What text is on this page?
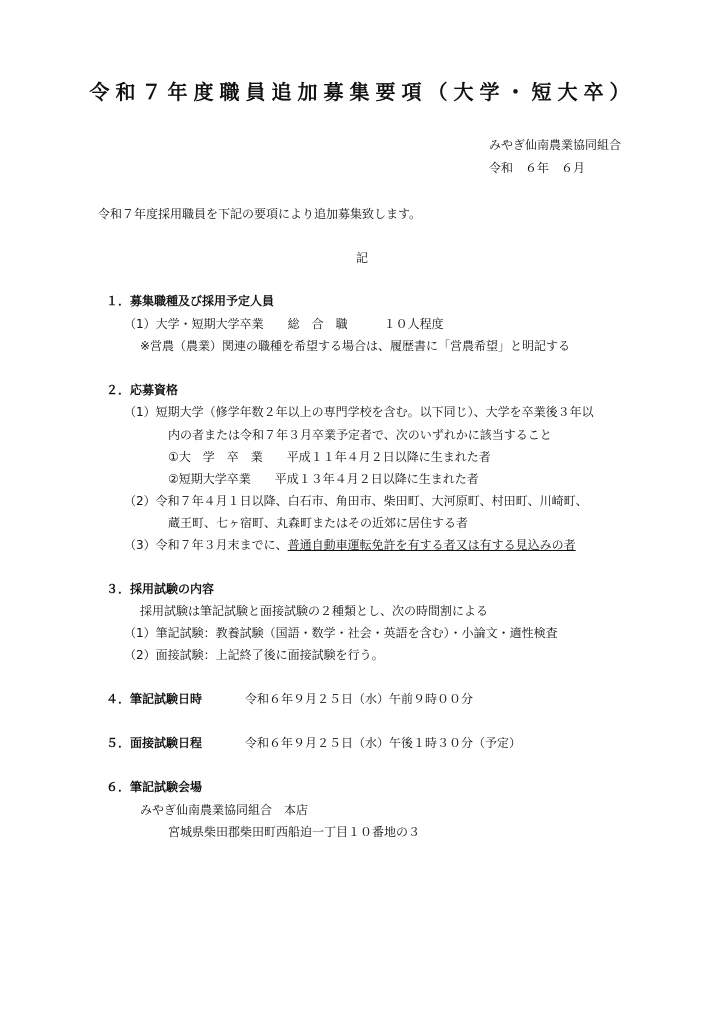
令和７年度職員追加募集要項（大学・短大卒）
みやぎ仙南農業協同組合
令和　６年　６月
令和７年度採用職員を下記の要項により追加募集致します。
記
１．募集職種及び採用予定人員
（1）大学・短期大学卒業　　総　合　職　　　１０人程度
※営農（農業）関連の職種を希望する場合は、履歴書に「営農希望」と明記する
２．応募資格
（1）短期大学（修学年数２年以上の専門学校を含む。以下同じ）、大学を卒業後３年以
内の者または令和７年３月卒業予定者で、次のいずれかに該当すること
①大　学　卒　業　　平成１１年４月２日以降に生まれた者
②短期大学卒業　　平成１３年４月２日以降に生まれた者
（2）令和７年４月１日以降、白石市、角田市、柴田町、大河原町、村田町、川崎町、
蔵王町、七ヶ宿町、丸森町またはその近郊に居住する者
（3）令和７年３月末までに、普通自動車運転免許を有する者又は有する見込みの者
３．採用試験の内容
採用試験は筆記試験と面接試験の２種類とし、次の時間割による
（1）筆記試験：教養試験（国語・数学・社会・英語を含む）・小論文・適性検査
（2）面接試験：上記終了後に面接試験を行う。
４．筆記試験日時	令和６年９月２５日（水）午前９時００分
５．面接試験日程	令和６年９月２５日（水）午後１時３０分（予定）
６．筆記試験会場
みやぎ仙南農業協同組合　本店
宮城県柴田郡柴田町西船迫一丁目１０番地の３
